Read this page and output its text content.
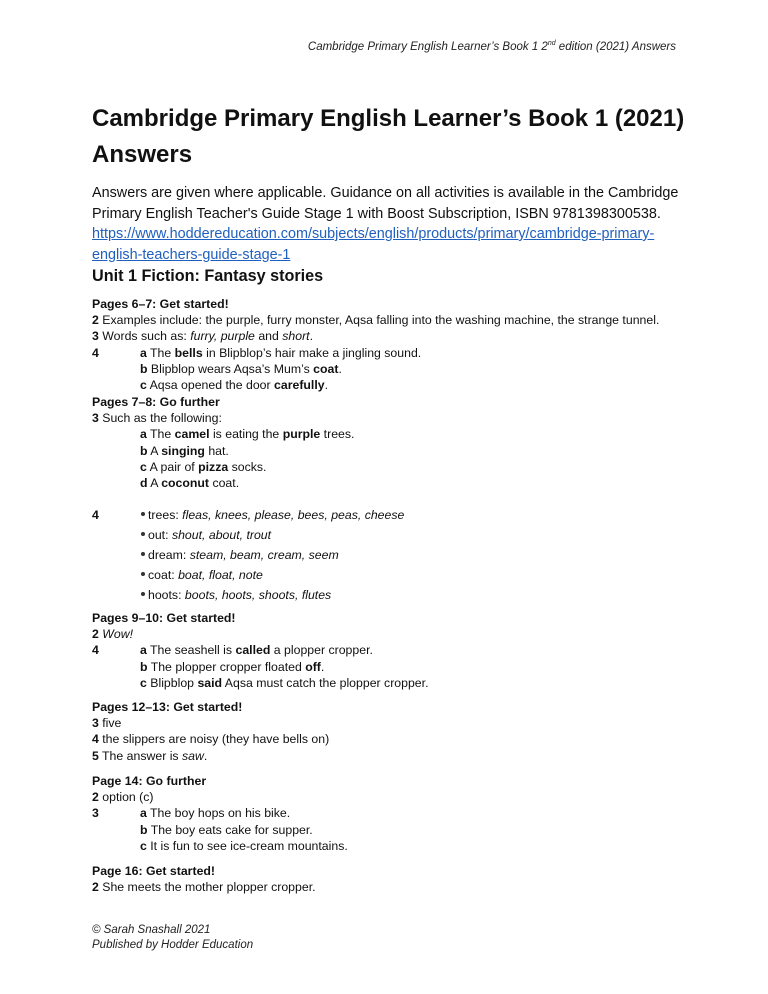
Cambridge Primary English Learner’s Book 1 2nd edition (2021) Answers
Cambridge Primary English Learner’s Book 1 (2021) Answers
Answers are given where applicable. Guidance on all activities is available in the Cambridge Primary English Teacher's Guide Stage 1 with Boost Subscription, ISBN 9781398300538. https://www.hoddereducation.com/subjects/english/products/primary/cambridge-primary-english-teachers-guide-stage-1
Unit 1 Fiction: Fantasy stories
Pages 6–7: Get started!
2 Examples include: the purple, furry monster, Aqsa falling into the washing machine, the strange tunnel.
3 Words such as: furry, purple and short.
4	a The bells in Blipblop’s hair make a jingling sound.
b Blipblop wears Aqsa’s Mum’s coat.
c Aqsa opened the door carefully.
Pages 7–8: Go further
3 Such as the following:
a The camel is eating the purple trees.
b A singing hat.
c A pair of pizza socks.
d A coconut coat.
4	trees: fleas, knees, please, bees, peas, cheese
out: shout, about, trout
dream: steam, beam, cream, seem
coat: boat, float, note
hoots: boots, hoots, shoots, flutes
Pages 9–10: Get started!
2 Wow!
4	a The seashell is called a plopper cropper.
b The plopper cropper floated off.
c Blipblop said Aqsa must catch the plopper cropper.
Pages 12–13: Get started!
3 five
4 the slippers are noisy (they have bells on)
5 The answer is saw.
Page 14: Go further
2 option (c)
3	a The boy hops on his bike.
b The boy eats cake for supper.
c It is fun to see ice-cream mountains.
Page 16: Get started!
2 She meets the mother plopper cropper.
© Sarah Snashall 2021
Published by Hodder Education
